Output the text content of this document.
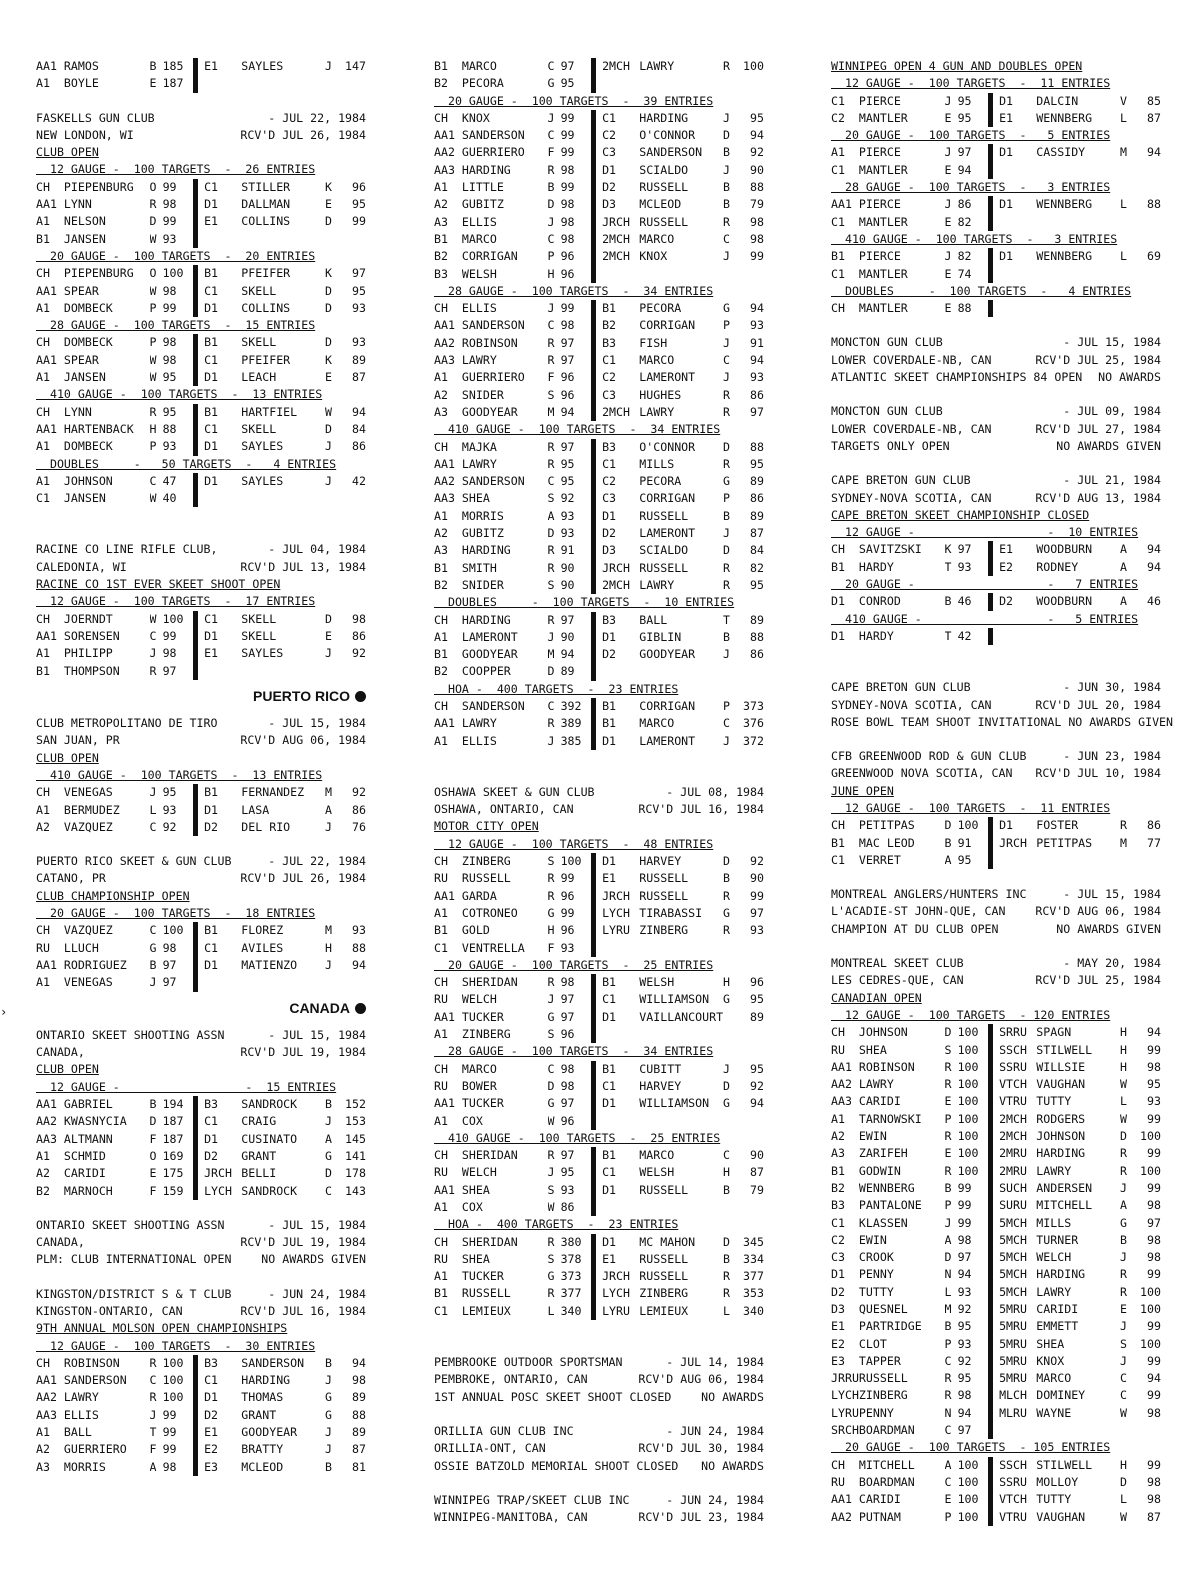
AA1 RAMOS	B 185	E1	SAYLES	J	147
A1	BOYLE	E 187
FASKELLS GUN CLUB	- JUL 22, 1984
NEW LONDON, WI	RCV'D JUL 26, 1984
CLUB OPEN
12 GAUGE -  100 TARGETS  -  26 ENTRIES
CH	PIEPENBURG	O 99	C1	STILLER	K	96
AA1 LYNN	R 98	D1	DALLMAN	E	95
A1	NELSON	D 99	E1	COLLINS	D	99
B1	JANSEN	W 93
20 GAUGE -  100 TARGETS  -  20 ENTRIES
CH	PIEPENBURG	O 100	B1	PFEIFER	K	97
AA1 SPEAR	W 98	C1	SKELL	D	95
A1	DOMBECK	P 99	D1	COLLINS	D	93
28 GAUGE -  100 TARGETS  -  15 ENTRIES
CH	DOMBECK	P 98	B1	SKELL	D	93
AA1 SPEAR	W 98	C1	PFEIFER	K	89
A1	JANSEN	W 95	D1	LEACH	E	87
410 GAUGE -  100 TARGETS  -  13 ENTRIES
CH	LYNN	R 95	B1	HARTFIEL	W	94
AA1 HARTENBACK	H 88	C1	SKELL	D	84
A1	DOMBECK	P 93	D1	SAYLES	J	86
DOUBLES     -   50 TARGETS  -   4 ENTRIES
A1	JOHNSON	C 47	D1	SAYLES	J	42
C1	JANSEN	W 40
RACINE CO LINE RIFLE CLUB,	- JUL 04, 1984
CALEDONIA, WI	RCV'D JUL 13, 1984
RACINE CO 1ST EVER SKEET SHOOT OPEN
12 GAUGE -  100 TARGETS  -  17 ENTRIES
CH	JOERNDT	W 100	C1	SKELL	D	98
AA1 SORENSEN	C 99	D1	SKELL	E	86
A1	PHILIPP	J 98	E1	SAYLES	J	92
B1	THOMPSON	R 97
PUERTO RICO
CLUB METROPOLITANO DE TIRO	- JUL 15, 1984
SAN JUAN, PR	RCV'D AUG 06, 1984
CLUB OPEN
410 GAUGE -  100 TARGETS  -  13 ENTRIES
CH	VENEGAS	J 95	B1	FERNANDEZ	M	92
A1	BERMUDEZ	L 93	D1	LASA	A	86
A2	VAZQUEZ	C 92	D2	DEL RIO	J	76
PUERTO RICO SKEET & GUN CLUB	- JUL 22, 1984
CATANO, PR	RCV'D JUL 26, 1984
CLUB CHAMPIONSHIP OPEN
20 GAUGE -  100 TARGETS  -  18 ENTRIES
CH	VAZQUEZ	C 100	B1	FLOREZ	M	93
RU	LLUCH	G 98	C1	AVILES	H	88
AA1 RODRIGUEZ	B 97	D1	MATIENZO	J	94
A1	VENEGAS	J 97
CANADA
ONTARIO SKEET SHOOTING ASSN	- JUL 15, 1984
CANADA,	RCV'D JUL 19, 1984
CLUB OPEN
12 GAUGE -                  -  15 ENTRIES
AA1 GABRIEL	B 194	B3	SANDROCK	B	152
AA2 KWASNYCIA	D 187	C1	CRAIG	J	153
AA3 ALTMANN	F 187	D1	CUSINATO	A	145
A1	SCHMID	O 169	D2	GRANT	G	141
A2	CARIDI	E 175	JRCH BELLI	D	178
B2	MARNOCH	F 159	LYCH SANDROCK	C	143
ONTARIO SKEET SHOOTING ASSN	- JUL 15, 1984
CANADA,	RCV'D JUL 19, 1984
PLM: CLUB INTERNATIONAL OPEN	NO AWARDS GIVEN
KINGSTON/DISTRICT S & T CLUB	- JUN 24, 1984
KINGSTON-ONTARIO, CAN	RCV'D JUL 16, 1984
9TH ANNUAL MOLSON OPEN CHAMPIONSHIPS
12 GAUGE -  100 TARGETS  -  30 ENTRIES
CH	ROBINSON	R 100	B3	SANDERSON	B	94
AA1 SANDERSON	C 100	C1	HARDING	J	98
AA2 LAWRY	R 100	D1	THOMAS	G	89
AA3 ELLIS	J 99	D2	GRANT	G	88
A1	BALL	T 99	E1	GOODYEAR	J	89
A2	GUERRIERO	F 99	E2	BRATTY	J	87
A3	MORRIS	A 98	E3	MCLEOD	B	81
B1	MARCO	C 97	2MCH LAWRY	R	100
B2	PECORA	G 95
20 GAUGE -  100 TARGETS  -  39 ENTRIES
CH	KNOX	J 99	C1	HARDING	J	95
AA1 SANDERSON	C 99	C2	O'CONNOR	D	94
AA2 GUERRIERO	F 99	C3	SANDERSON	B	92
AA3 HARDING	R 98	D1	SCIALDO	J	90
A1	LITTLE	B 99	D2	RUSSELL	B	88
A2	GUBITZ	D 98	D3	MCLEOD	B	79
A3	ELLIS	J 98	JRCH RUSSELL	R	98
B1	MARCO	C 98	2MCH MARCO	C	98
B2	CORRIGAN	P 96	2MCH KNOX	J	99
B3	WELSH	H 96
28 GAUGE -  100 TARGETS  -  34 ENTRIES
CH	ELLIS	J 99	B1	PECORA	G	94
AA1 SANDERSON	C 98	B2	CORRIGAN	P	93
AA2 ROBINSON	R 97	B3	FISH	J	91
AA3 LAWRY	R 97	C1	MARCO	C	94
A1	GUERRIERO	F 96	C2	LAMERONT	J	93
A2	SNIDER	S 96	C3	HUGHES	R	86
A3	GOODYEAR	M 94	2MCH LAWRY	R	97
410 GAUGE -  100 TARGETS  -  34 ENTRIES
CH	MAJKA	R 97	B3	O'CONNOR	D	88
AA1 LAWRY	R 95	C1	MILLS	R	95
AA2 SANDERSON	C 95	C2	PECORA	G	89
AA3 SHEA	S 92	C3	CORRIGAN	P	86
A1	MORRIS	A 93	D1	RUSSELL	B	89
A2	GUBITZ	D 93	D2	LAMERONT	J	87
A3	HARDING	R 91	D3	SCIALDO	D	84
B1	SMITH	R 90	JRCH RUSSELL	R	82
B2	SNIDER	S 90	2MCH LAWRY	R	95
DOUBLES     -  100 TARGETS  -  10 ENTRIES
CH	HARDING	R 97	B3	BALL	T	89
A1	LAMERONT	J 90	D1	GIBLIN	B	88
B1	GOODYEAR	M 94	D2	GOODYEAR	J	86
B2	COOPPER	D 89
HOA -  400 TARGETS  -  23 ENTRIES
CH	SANDERSON	C 392	B1	CORRIGAN	P	373
AA1 LAWRY	R 389	B1	MARCO	C	376
A1	ELLIS	J 385	D1	LAMERONT	J	372
OSHAWA SKEET & GUN CLUB	- JUL 08, 1984
OSHAWA, ONTARIO, CAN	RCV'D JUL 16, 1984
MOTOR CITY OPEN
12 GAUGE -  100 TARGETS  -  48 ENTRIES
CH	ZINBERG	S 100	D1	HARVEY	D	92
RU	RUSSELL	R 99	E1	RUSSELL	B	90
AA1 GARDA	R 96	JRCH RUSSELL	R	99
A1	COTRONEO	G 99	LYCH TIRABASSI	G	97
B1	GOLD	H 96	LYRU ZINBERG	R	93
C1	VENTRELLA	F 93
20 GAUGE -  100 TARGETS  -  25 ENTRIES
CH	SHERIDAN	R 98	B1	WELSH	H	96
RU	WELCH	J 97	C1	WILLIAMSON	G	95
AA1 TUCKER	G 97	D1	VAILLANCOURT	89
A1	ZINBERG	S 96
28 GAUGE -  100 TARGETS  -  34 ENTRIES
CH	MARCO	C 98	B1	CUBITT	J	95
RU	BOWER	D 98	C1	HARVEY	D	92
AA1 TUCKER	G 97	D1	WILLIAMSON	G	94
A1	COX	W 96
410 GAUGE -  100 TARGETS  -  25 ENTRIES
CH	SHERIDAN	R 97	B1	MARCO	C	90
RU	WELCH	J 95	C1	WELSH	H	87
AA1 SHEA	S 93	D1	RUSSELL	B	79
A1	COX	W 86
HOA -  400 TARGETS  -  23 ENTRIES
CH	SHERIDAN	R 380	D1	MC MAHON	D	345
RU	SHEA	S 378	E1	RUSSELL	B	334
A1	TUCKER	G 373	JRCH RUSSELL	R	377
B1	RUSSELL	R 377	LYCH ZINBERG	R	353
C1	LEMIEUX	L 340	LYRU LEMIEUX	L	340
PEMBROOKE OUTDOOR SPORTSMAN	- JUL 14, 1984
PEMBROKE, ONTARIO, CAN	RCV'D AUG 06, 1984
1ST ANNUAL POSC SKEET SHOOT CLOSED	NO AWARDS
ORILLIA GUN CLUB INC	- JUN 24, 1984
ORILLIA-ONT, CAN	RCV'D JUL 30, 1984
OSSIE BATZOLD MEMORIAL SHOOT CLOSED NO AWARDS
WINNIPEG TRAP/SKEET CLUB INC	- JUN 24, 1984
WINNIPEG-MANITOBA, CAN	RCV'D JUL 23, 1984
WINNIPEG OPEN 4 GUN AND DOUBLES OPEN
12 GAUGE -  100 TARGETS  -  11 ENTRIES
C1	PIERCE	J 95	D1	DALCIN	V	85
C2	MANTLER	E 95	E1	WENNBERG	L	87
20 GAUGE -  100 TARGETS  -   5 ENTRIES
A1	PIERCE	J 97	D1	CASSIDY	M	94
C1	MANTLER	E 94
28 GAUGE -  100 TARGETS  -   3 ENTRIES
AA1 PIERCE	J 86	D1	WENNBERG	L	88
C1	MANTLER	E 82
410 GAUGE -  100 TARGETS  -   3 ENTRIES
B1	PIERCE	J 82	D1	WENNBERG	L	69
C1	MANTLER	E 74
DOUBLES     -  100 TARGETS  -   4 ENTRIES
CH	MANTLER	E 88
MONCTON GUN CLUB	- JUL 15, 1984
LOWER COVERDALE-NB, CAN	RCV'D JUL 25, 1984
ATLANTIC SKEET CHAMPIONSHIPS 84 OPEN NO AWARDS
MONCTON GUN CLUB	- JUL 09, 1984
LOWER COVERDALE-NB, CAN	RCV'D JUL 27, 1984
TARGETS ONLY OPEN	NO AWARDS GIVEN
CAPE BRETON GUN CLUB	- JUL 21, 1984
SYDNEY-NOVA SCOTIA, CAN	RCV'D AUG 13, 1984
CAPE BRETON SKEET CHAMPIONSHIP CLOSED
12 GAUGE -                   -  10 ENTRIES
CH	SAVITZSKI	K 97	E1	WOODBURN	A	94
B1	HARDY	T 93	E2	RODNEY	A	94
20 GAUGE -                   -   7 ENTRIES
D1	CONROD	B 46	D2	WOODBURN	A	46
410 GAUGE -                  -   5 ENTRIES
D1	HARDY	T 42
CAPE BRETON GUN CLUB	- JUN 30, 1984
SYDNEY-NOVA SCOTIA, CAN	RCV'D JUL 20, 1984
ROSE BOWL TEAM SHOOT INVITATIONAL NO AWARDS GIVEN
CFB GREENWOOD ROD & GUN CLUB	- JUN 23, 1984
GREENWOOD NOVA SCOTIA, CAN RCV'D JUL 10, 1984
JUNE OPEN
12 GAUGE -  100 TARGETS  -  11 ENTRIES
CH	PETITPAS	D 100	D1	FOSTER	R	86
B1	MAC LEOD	B 91	JRCH PETITPAS	M	77
C1	VERRET	A 95
MONTREAL ANGLERS/HUNTERS INC	- JUL 15, 1984
L'ACADIE-ST JOHN-QUE, CAN	RCV'D AUG 06, 1984
CHAMPION AT DU CLUB OPEN	NO AWARDS GIVEN
MONTREAL SKEET CLUB	- MAY 20, 1984
LES CEDRES-QUE, CAN	RCV'D JUL 25, 1984
CANADIAN OPEN
12 GAUGE -  100 TARGETS  - 120 ENTRIES
CH	JOHNSON	D 100	SRRU SPAGN	H	94
RU	SHEA	S 100	SSCH STILWELL	H	99
AA1 ROBINSON	R 100	SSRU WILLSIE	H	98
AA2 LAWRY	R 100	VTCH VAUGHAN	W	95
AA3 CARIDI	E 100	VTRU TUTTY	L	93
A1	TARNOWSKI	P 100	2MCH RODGERS	W	99
A2	EWIN	R 100	2MCH JOHNSON	D	100
A3	ZARIFEH	E 100	2MRU HARDING	R	99
B1	GODWIN	R 100	2MRU LAWRY	R	100
B2	WENNBERG	B 99	SUCH ANDERSEN	J	99
B3	PANTALONE	P 99	SURU MITCHELL	A	98
C1	KLASSEN	J 99	5MCH MILLS	G	97
C2	EWIN	A 98	5MCH TURNER	B	98
C3	CROOK	D 97	5MCH WELCH	J	98
D1	PENNY	N 94	5MCH HARDING	R	99
D2	TUTTY	L 93	5MCH LAWRY	R	100
D3	QUESNEL	M 92	5MRU CARIDI	E	100
E1	PARTRIDGE	B 95	5MRU EMMETT	J	99
E2	CLOT	P 93	5MRU SHEA	S	100
E3	TAPPER	C 92	5MRU KNOX	J	99
JRRU RUSSELL	R 95	5MRU MARCO	C	94
LYCH ZINBERG	R 98	MLCH DOMINEY	C	99
LYRU PENNY	N 94	MLRU WAYNE	W	98
SRCH BOARDMAN	C 97
20 GAUGE -  100 TARGETS  - 105 ENTRIES
CH	MITCHELL	A 100	SSCH STILWELL	H	99
RU	BOARDMAN	C 100	SSRU MOLLOY	D	98
AA1 CARIDI	E 100	VTCH TUTTY	L	98
AA2 PUTNAM	P 100	VTRU VAUGHAN	W	87
›
